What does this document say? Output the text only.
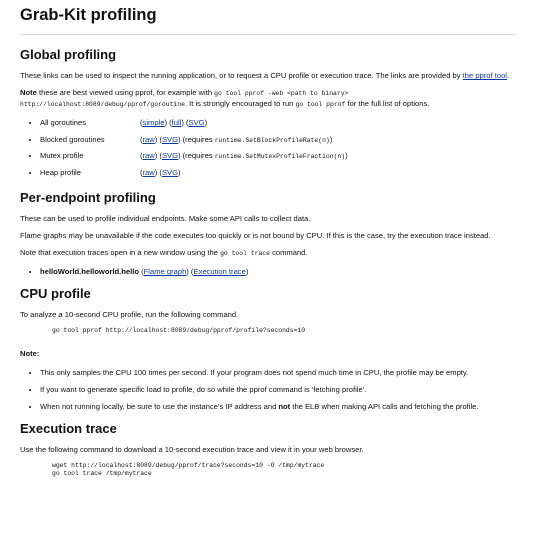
Grab-Kit profiling
Global profiling

These links can be used to inspect the running application, or to request a CPU profile or execution trace. The links are provided by the pprof tool.

Note these are best viewed using pprof, for example with go tool pprof -web <path to binary>
http://localhost:8089/debug/pprof/goroutine. It is strongly encouraged to run go tool pprof for the full list of options.

• All goroutines	(simple) (full) (SVG)
• Blocked goroutines	(raw) (SVG) (requires runtime.SetBlockProfileRate(n))
• Mutex profile	(raw) (SVG) (requires runtime.SetMutexProfileFraction(n))
• Heap profile	(raw) (SVG)
Per-endpoint profiling

These can be used to profile individual endpoints. Make some API calls to collect data.

Flame graphs may be unavailable if the code executes too quickly or is not bound by CPU. If this is the case, try the execution trace instead.

Note that execution traces open in a new window using the go tool trace command.

• helloWorld.helloworld.hello (Flame graph) (Execution trace)
CPU profile

To analyze a 10-second CPU profile, run the following command.

go tool pprof http://localhost:8089/debug/pprof/profile?seconds=10

Note:

• This only samples the CPU 100 times per second. If your program does not spend much time in CPU, the profile may be empty.
• If you want to generate specific load to profile, do so while the pprof command is 'fetching profile'.
• When not running locally, be sure to use the instance's IP address and not the ELB when making API calls and fetching the profile.
Execution trace

Use the following command to download a 10-second execution trace and view it in your web browser.

wget http://localhost:8089/debug/pprof/trace?seconds=10 -O /tmp/mytrace
go tool trace /tmp/mytrace
